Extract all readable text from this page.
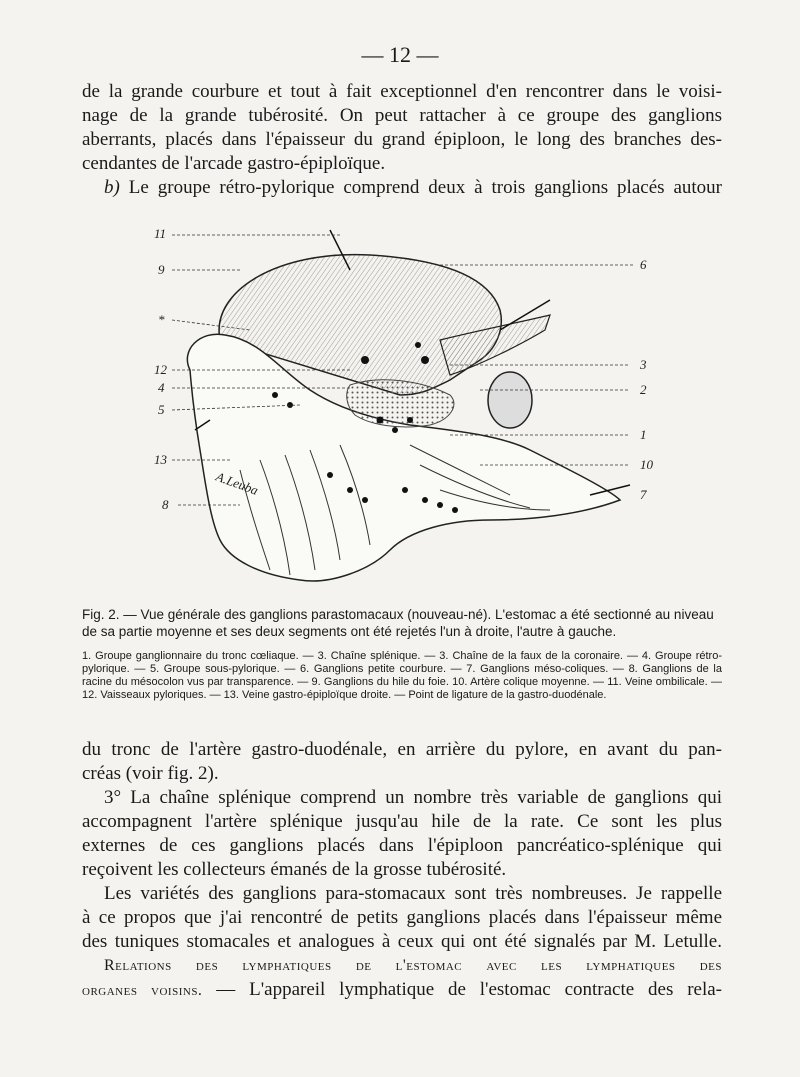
— 12 —
de la grande courbure et tout à fait exceptionnel d'en rencontrer dans le voisi-
nage de la grande tubérosité. On peut rattacher à ce groupe des ganglions
aberrants, placés dans l'épaisseur du grand épiploon, le long des branches des-
cendantes de l'arcade gastro-épiploïque.
b) Le groupe rétro-pylorique comprend deux à trois ganglions placés autour
11
9
*
12
4
5
13
8
6
3
2
1
10
7
A.Leuba
Fig. 2. — Vue générale des ganglions parastomacaux (nouveau-né). L'estomac a été sectionné au niveau de sa partie moyenne et ses deux segments ont été rejetés l'un à droite, l'autre à gauche.
1. Groupe ganglionnaire du tronc cœliaque. — 3. Chaîne splénique. — 3. Chaîne de la faux de la coronaire. — 4. Groupe rétro-pylorique. — 5. Groupe sous-pylorique. — 6. Ganglions petite courbure. — 7. Ganglions méso-coliques. — 8. Ganglions de la racine du mésocolon vus par transparence. — 9. Ganglions du hile du foie. 10. Artère colique moyenne. — 11. Veine ombilicale. — 12. Vaisseaux pyloriques. — 13. Veine gastro-épiploïque droite. — Point de ligature de la gastro-duodénale.
du tronc de l'artère gastro-duodénale, en arrière du pylore, en avant du pan-
créas (voir fig. 2).
3° La chaîne splénique comprend un nombre très variable de ganglions qui
accompagnent l'artère splénique jusqu'au hile de la rate. Ce sont les plus
externes de ces ganglions placés dans l'épiploon pancréatico-splénique qui
reçoivent les collecteurs émanés de la grosse tubérosité.
Les variétés des ganglions para-stomacaux sont très nombreuses. Je rappelle
à ce propos que j'ai rencontré de petits ganglions placés dans l'épaisseur même
des tuniques stomacales et analogues à ceux qui ont été signalés par M. Letulle.
Relations des lymphatiques de l'estomac avec les lymphatiques des
organes voisins. — L'appareil lymphatique de l'estomac contracte des rela-
